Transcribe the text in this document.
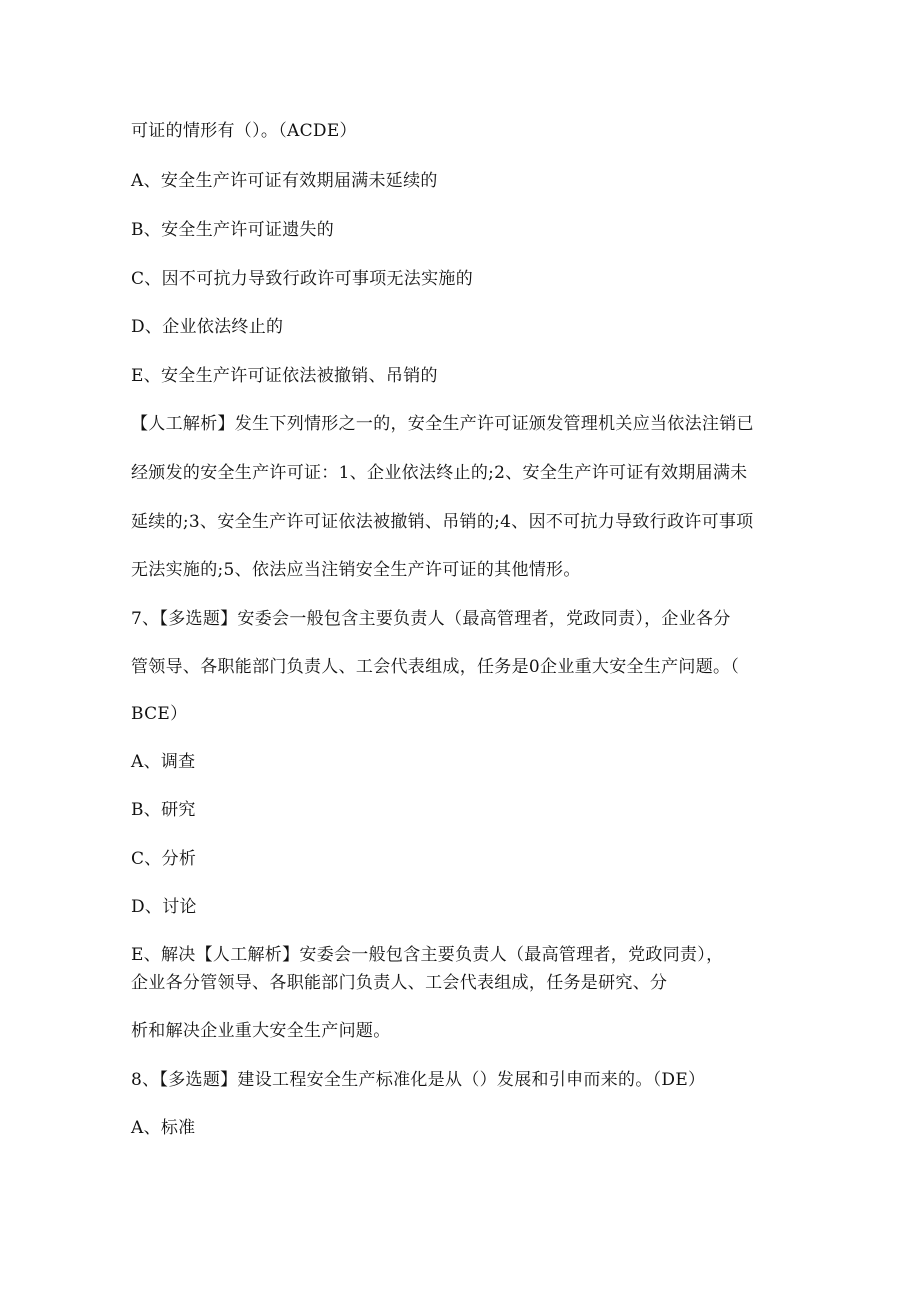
可证的情形有（）。（ACDE）

A、安全生产许可证有效期届满未延续的

B、安全生产许可证遗失的

C、因不可抗力导致行政许可事项无法实施的

D、企业依法终止的

E、安全生产许可证依法被撤销、吊销的

【人工解析】发生下列情形之一的，安全生产许可证颁发管理机关应当依法注销已

经颁发的安全生产许可证：1、企业依法终止的;2、安全生产许可证有效期届满未

延续的;3、安全生产许可证依法被撤销、吊销的;4、因不可抗力导致行政许可事项

无法实施的;5、依法应当注销安全生产许可证的其他情形。

7、【多选题】安委会一般包含主要负责人（最高管理者，党政同责），企业各分

管领导、各职能部门负责人、工会代表组成，任务是0企业重大安全生产问题。（

BCE）

A、调查

B、研究

C、分析

D、讨论

E、解决【人工解析】安委会一般包含主要负责人（最高管理者，党政同责），

企业各分管领导、各职能部门负责人、工会代表组成，任务是研究、分

析和解决企业重大安全生产问题。

8、【多选题】建设工程安全生产标准化是从（）发展和引申而来的。（DE）

A、标准
